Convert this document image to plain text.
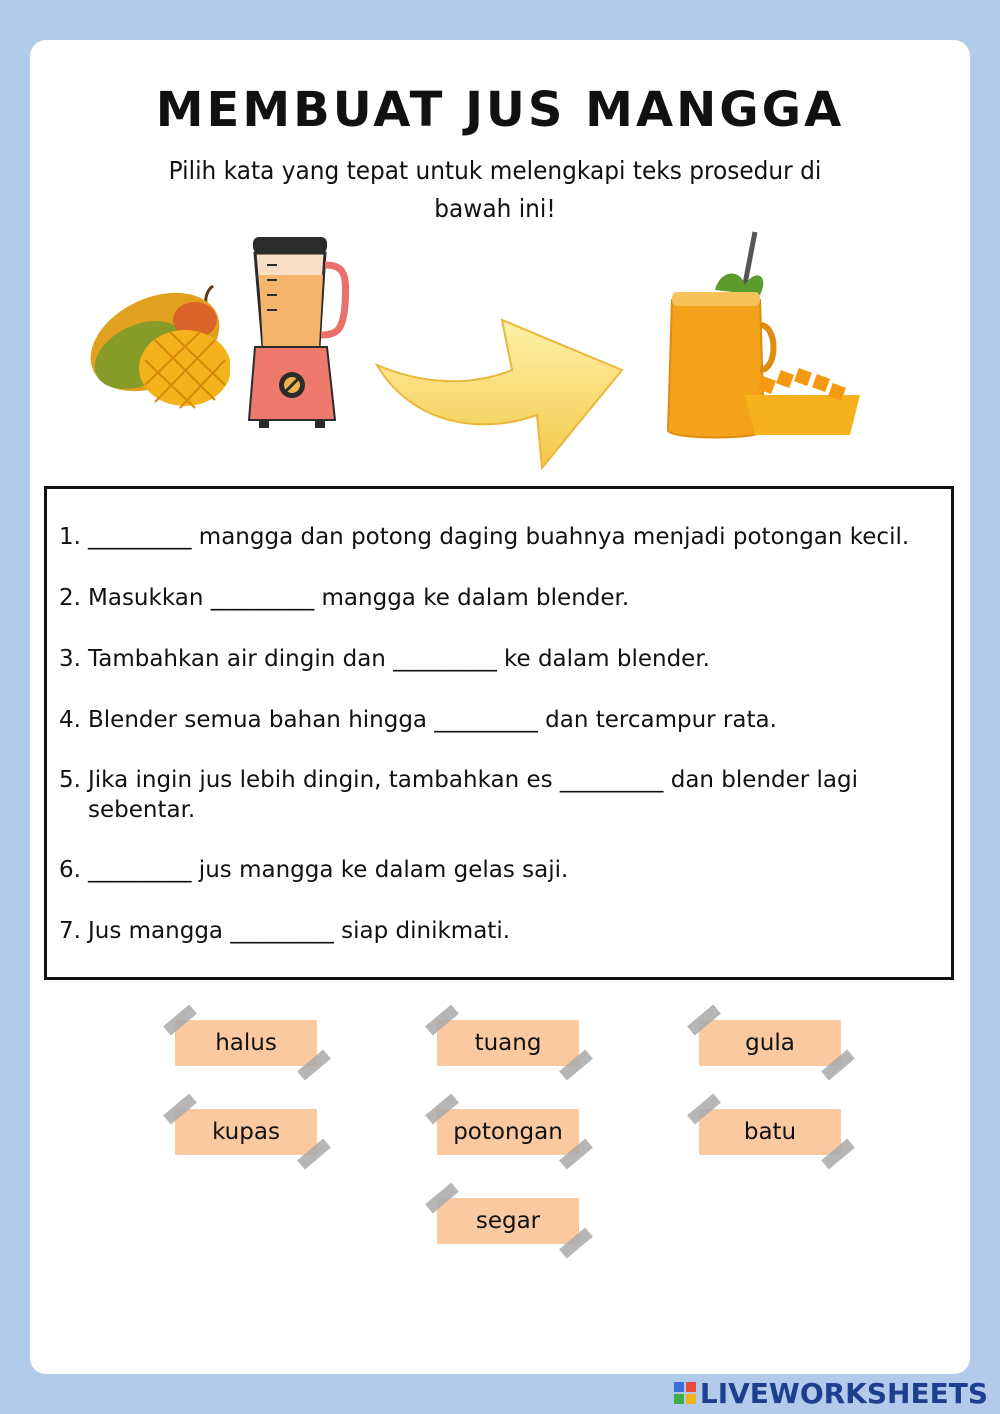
MEMBUAT JUS MANGGA
Pilih kata yang tepat untuk melengkapi teks prosedur di bawah ini!
1. _________ mangga dan potong daging buahnya menjadi potongan kecil.
2. Masukkan _________ mangga ke dalam blender.
3. Tambahkan air dingin dan _________ ke dalam blender.
4. Blender semua bahan hingga _________ dan tercampur rata.
5. Jika ingin jus lebih dingin, tambahkan es _________ dan blender lagi
sebentar.
6. _________ jus mangga ke dalam gelas saji.
7. Jus mangga _________ siap dinikmati.
halus	tuang	gula
kupas	potongan	batu
segar
LIVEWORKSHEETS
